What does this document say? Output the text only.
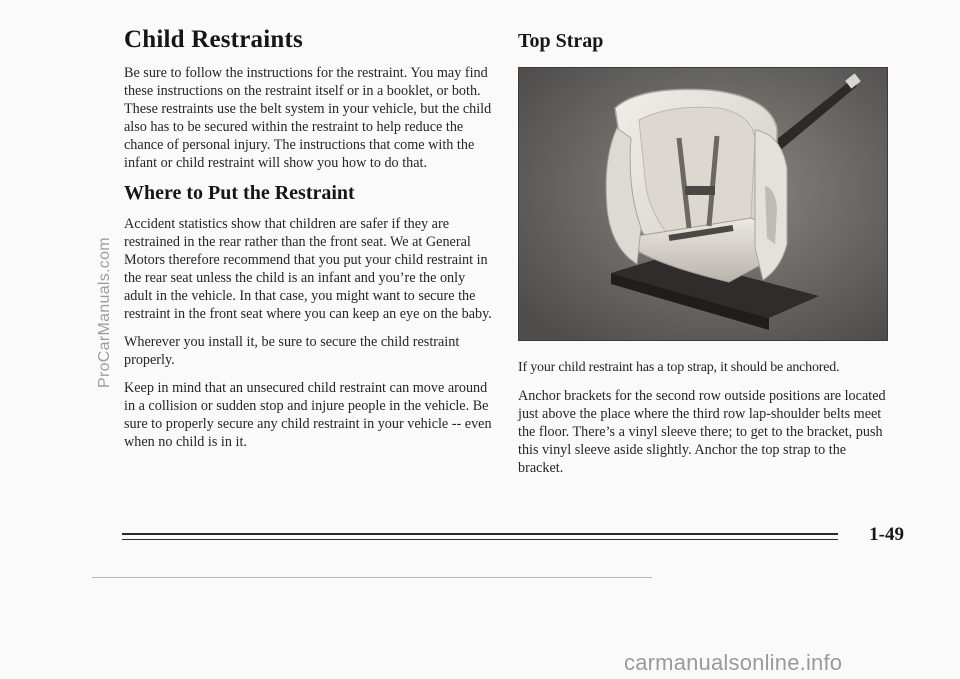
Child Restraints

Be sure to follow the instructions for the restraint. You may find these instructions on the restraint itself or in a booklet, or both. These restraints use the belt system in your vehicle, but the child also has to be secured within the restraint to help reduce the chance of personal injury. The instructions that come with the infant or child restraint will show you how to do that.

Where to Put the Restraint

Accident statistics show that children are safer if they are restrained in the rear rather than the front seat. We at General Motors therefore recommend that you put your child restraint in the rear seat unless the child is an infant and you’re the only adult in the vehicle. In that case, you might want to secure the restraint in the front seat where you can keep an eye on the baby.

Wherever you install it, be sure to secure the child restraint properly.

Keep in mind that an unsecured child restraint can move around in a collision or sudden stop and injure people in the vehicle. Be sure to properly secure any child restraint in your vehicle -- even when no child is in it.

Top Strap

If your child restraint has a top strap, it should be anchored.

Anchor brackets for the second row outside positions are located just above the place where the third row lap-shoulder belts meet the floor. There’s a vinyl sleeve there; to get to the bracket, push this vinyl sleeve aside slightly. Anchor the top strap to the bracket.

1-49
ProCarManuals.com
carmanualsonline.info
